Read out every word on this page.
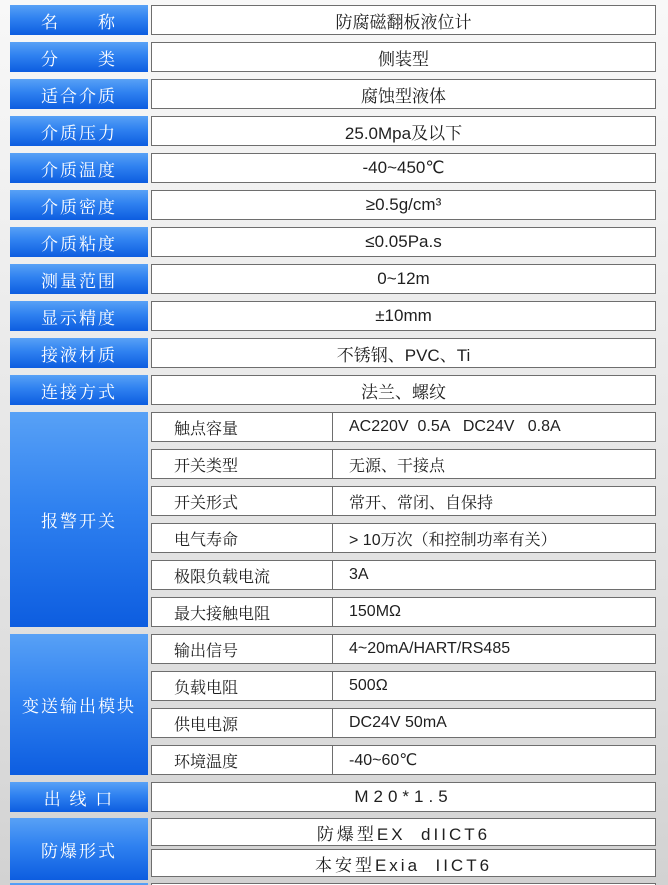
名　　称	防腐磁翻板液位计
分　　类	侧装型
适合介质	腐蚀型液体
介质压力	25.0Mpa及以下
介质温度	-40~450℃
介质密度	≥0.5g/cm³
介质粘度	≤0.05Pa.s
测量范围	0~12m
显示精度	±10mm
接液材质	不锈钢、PVC、Ti
连接方式	法兰、螺纹
报警开关
触点容量	AC220V  0.5A   DC24V   0.8A
开关类型	无源、干接点
开关形式	常开、常闭、自保持
电气寿命	> 10万次（和控制功率有关）
极限负载电流	3A
最大接触电阻	150MΩ
变送输出模块
输出信号	4~20mA/HART/RS485
负载电阻	500Ω
供电电源	DC24V 50mA
环境温度	-40~60℃
出 线 口	M20*1.5
防爆形式
防爆型EX  dIICT6
本安型Exia  IICT6
